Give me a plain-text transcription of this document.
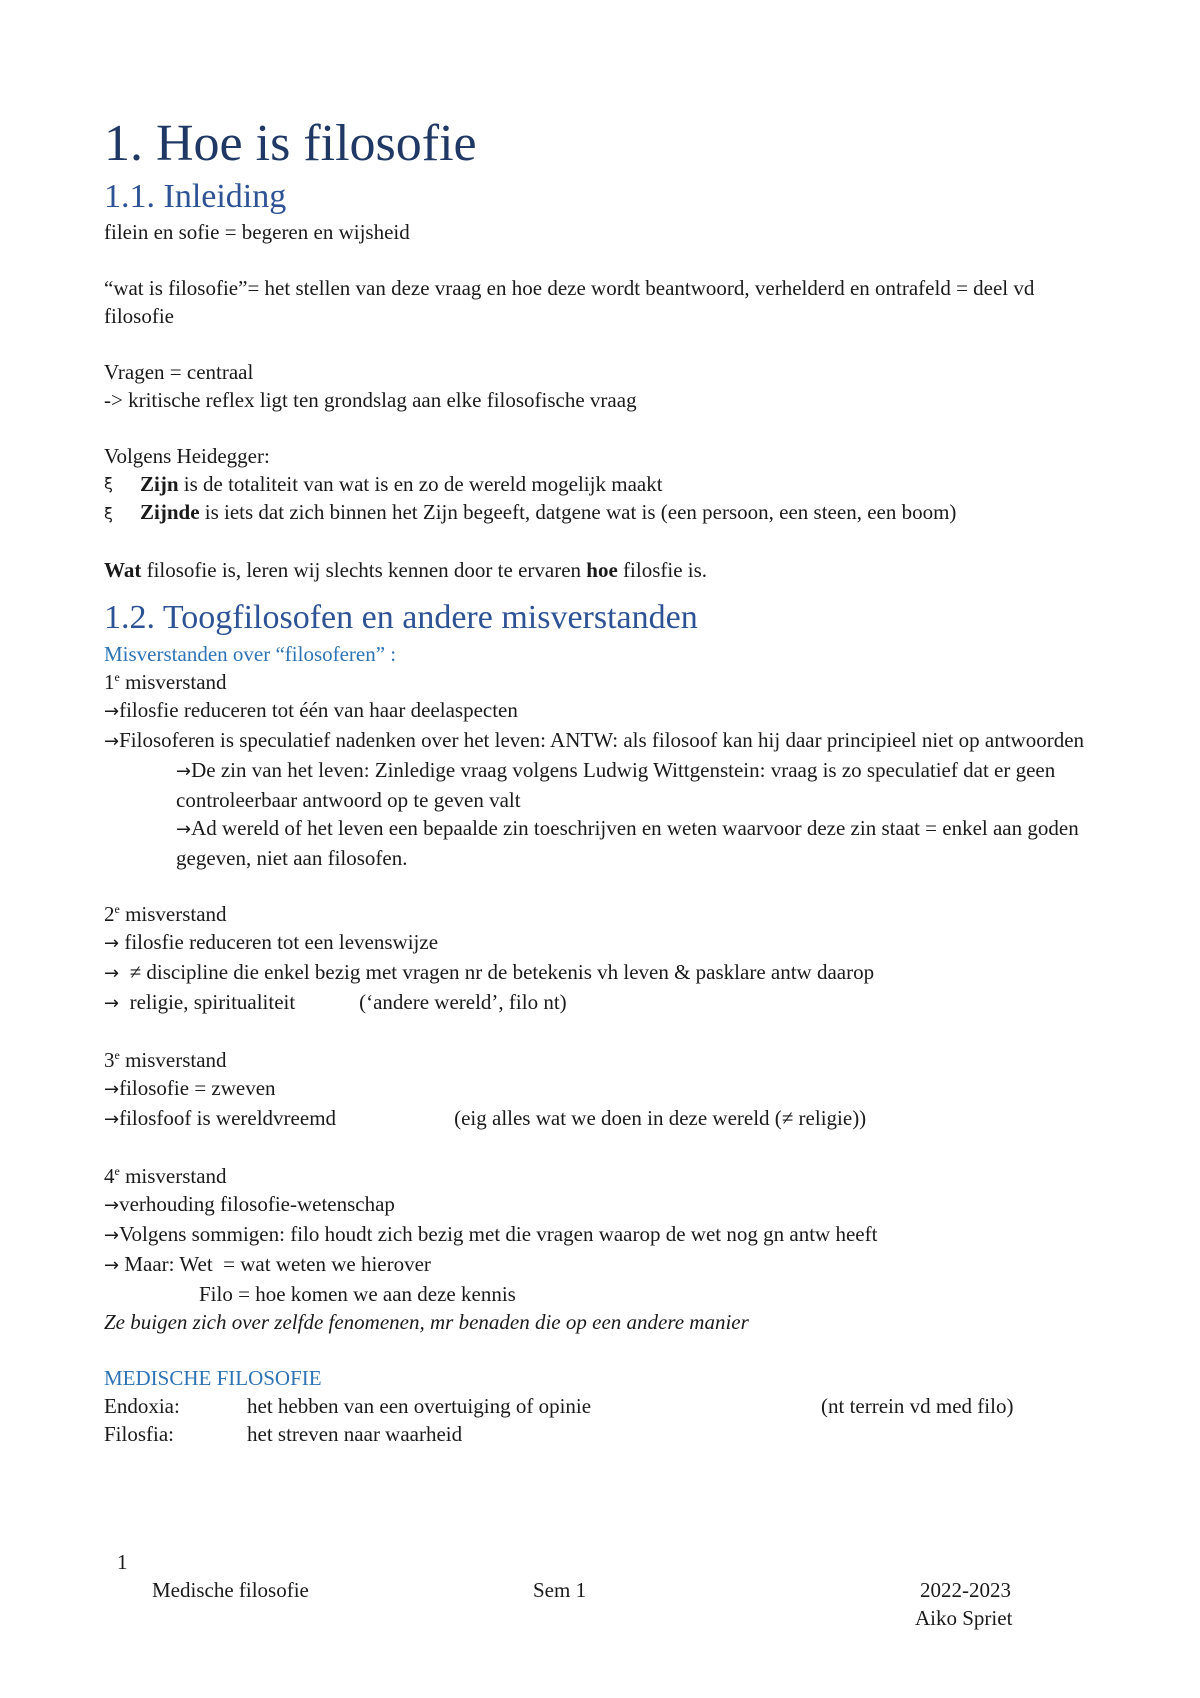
1. Hoe is filosofie
1.1. Inleiding

filein en sofie = begeren en wijsheid

“wat is filosofie”= het stellen van deze vraag en hoe deze wordt beantwoord, verhelderd en ontrafeld = deel vd filosofie

Vragen = centraal

-> kritische reflex ligt ten grondslag aan elke filosofische vraag

Volgens Heidegger:

ξ	Zijn is de totaliteit van wat is en zo de wereld mogelijk maakt
ξ Zijnde is iets dat zich binnen het Zijn begeeft, datgene wat is (een persoon, een steen, een boom)

Wat filosofie is, leren wij slechts kennen door te ervaren hoe filosfie is.

1.2. Toogfilosofen en andere misverstanden

Misverstanden over “filosoferen” :

1e misverstand

→filosfie reduceren tot één van haar deelaspecten

→Filosoferen is speculatief nadenken over het leven: ANTW: als filosoof kan hij daar principieel niet op antwoorden

→De zin van het leven: Zinledige vraag volgens Ludwig Wittgenstein: vraag is zo speculatief dat er geen controleerbaar antwoord op te geven valt

→Ad wereld of het leven een bepaalde zin toeschrijven en weten waarvoor deze zin staat = enkel aan goden gegeven, niet aan filosofen.

2e misverstand

→ filosfie reduceren tot een levenswijze

→  ≠ discipline die enkel bezig met vragen nr de betekenis vh leven & pasklare antw daarop

→  religie, spiritualiteit	(‘andere wereld’, filo nt)

3e misverstand

→filosofie = zweven

→filosfoof is wereldvreemd	(eig alles wat we doen in deze wereld (≠ religie))

4e misverstand

→verhouding filosofie-wetenschap

→Volgens sommigen: filo houdt zich bezig met die vragen waarop de wet nog gn antw heeft

→ Maar: Wet  = wat weten we hierover

Filo = hoe komen we aan deze kennis

Ze buigen zich over zelfde fenomenen, mr benaden die op een andere manier

MEDISCHE FILOSOFIE

Endoxia:	het hebben van een overtuiging of opinie	(nt terrein vd med filo)
Filosfia:	het streven naar waarheid
1
Medische filosofie	Sem 1	2022-2023
Aiko Spriet
